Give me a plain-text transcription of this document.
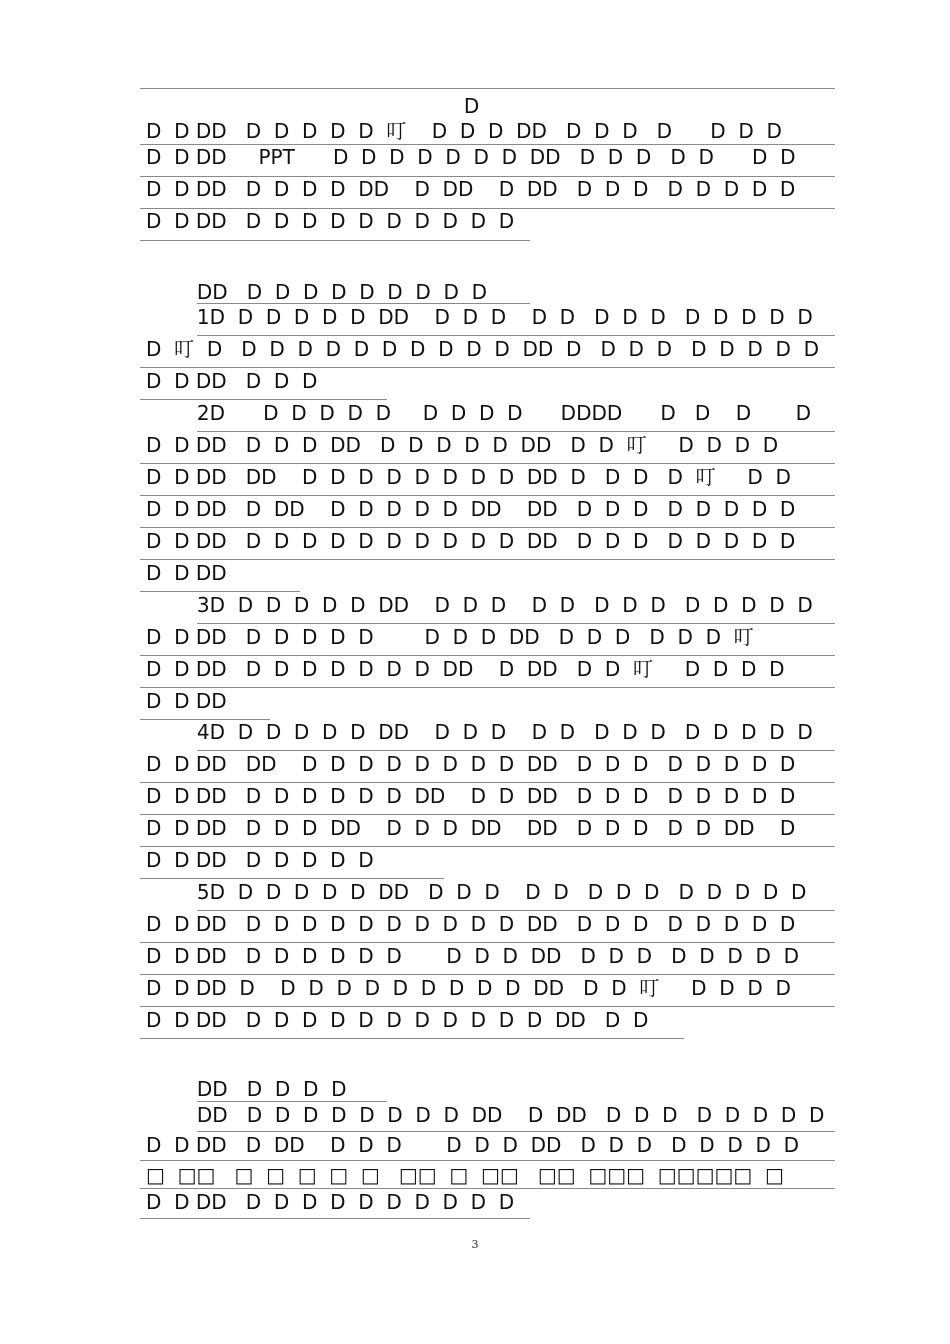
D
D  D DD   D  D  D  D  D  叮    D  D  D  DD   D  D  D   D      D  D  D
D  D DD     PPT      D  D  D  D  D  D  D  DD   D  D  D   D  D      D  D
D  D DD   D  D  D  D  DD    D  DD    D  DD   D  D  D   D  D  D  D  D
D  D DD   D  D  D  D  D  D  D  D  D  D
DD   D  D  D  D  D  D  D  D  D
1D  D  D  D  D  D  DD    D  D  D    D  D   D  D  D   D  D  D  D  D
D  叮  D   D  D  D  D  D  D  D  D  D  D  DD  D   D  D  D   D  D  D  D  D
D  D DD   D  D  D
2D      D  D  D  D  D     D  D  D  D      DDDD      D   D    D       D
D  D DD   D  D  D  DD   D  D  D  D  D  DD   D  D  叮     D  D  D  D
D  D DD   DD    D  D  D  D  D  D  D  D  DD  D   D  D   D  叮     D  D
D  D DD   D  DD    D  D  D  D  D  DD    DD   D  D  D   D  D  D  D  D
D  D DD   D  D  D  D  D  D  D  D  D  D  DD   D  D  D   D  D  D  D  D
D  D DD
3D  D  D  D  D  D  DD    D  D  D    D  D   D  D  D   D  D  D  D  D
D  D DD   D  D  D  D  D        D  D  D  DD   D  D  D   D  D  D  叮
D  D DD   D  D  D  D  D  D  D  DD    D  DD   D  D  叮     D  D  D  D
D  D DD
4D  D  D  D  D  D  DD    D  D  D    D  D   D  D  D   D  D  D  D  D
D  D DD   DD    D  D  D  D  D  D  D  D  DD   D  D  D   D  D  D  D  D
D  D DD   D  D  D  D  D  D  DD    D  D  DD   D  D  D   D  D  D  D  D
D  D DD   D  D  D  DD    D  D  D  DD    DD   D  D  D   D  D  DD    D
D  D DD   D  D  D  D  D
5D  D  D  D  D  D  DD   D  D  D    D  D   D  D  D   D  D  D  D  D
D  D DD   D  D  D  D  D  D  D  D  D  D  DD   D  D  D   D  D  D  D  D
D  D DD   D  D  D  D  D  D       D  D  D  DD   D  D  D   D  D  D  D  D
D  D DD  D    D  D  D  D  D  D  D  D  D  DD   D  D  叮     D  D  D  D
D  D DD   D  D  D  D  D  D  D  D  D  D  D  DD   D  D
DD   D  D  D  D
DD   D  D  D  D  D  D  D  D  DD    D  DD   D  D  D   D  D  D  D  D
D  D DD   D  DD    D  D  D       D  D  D  DD   D  D  D   D  D  D  D  D
□  □□   □  □  □  □  □   □□  □  □□   □□  □□□  □□□□□  □
D  D DD   D  D  D  D  D  D  D  D  D  D
3
